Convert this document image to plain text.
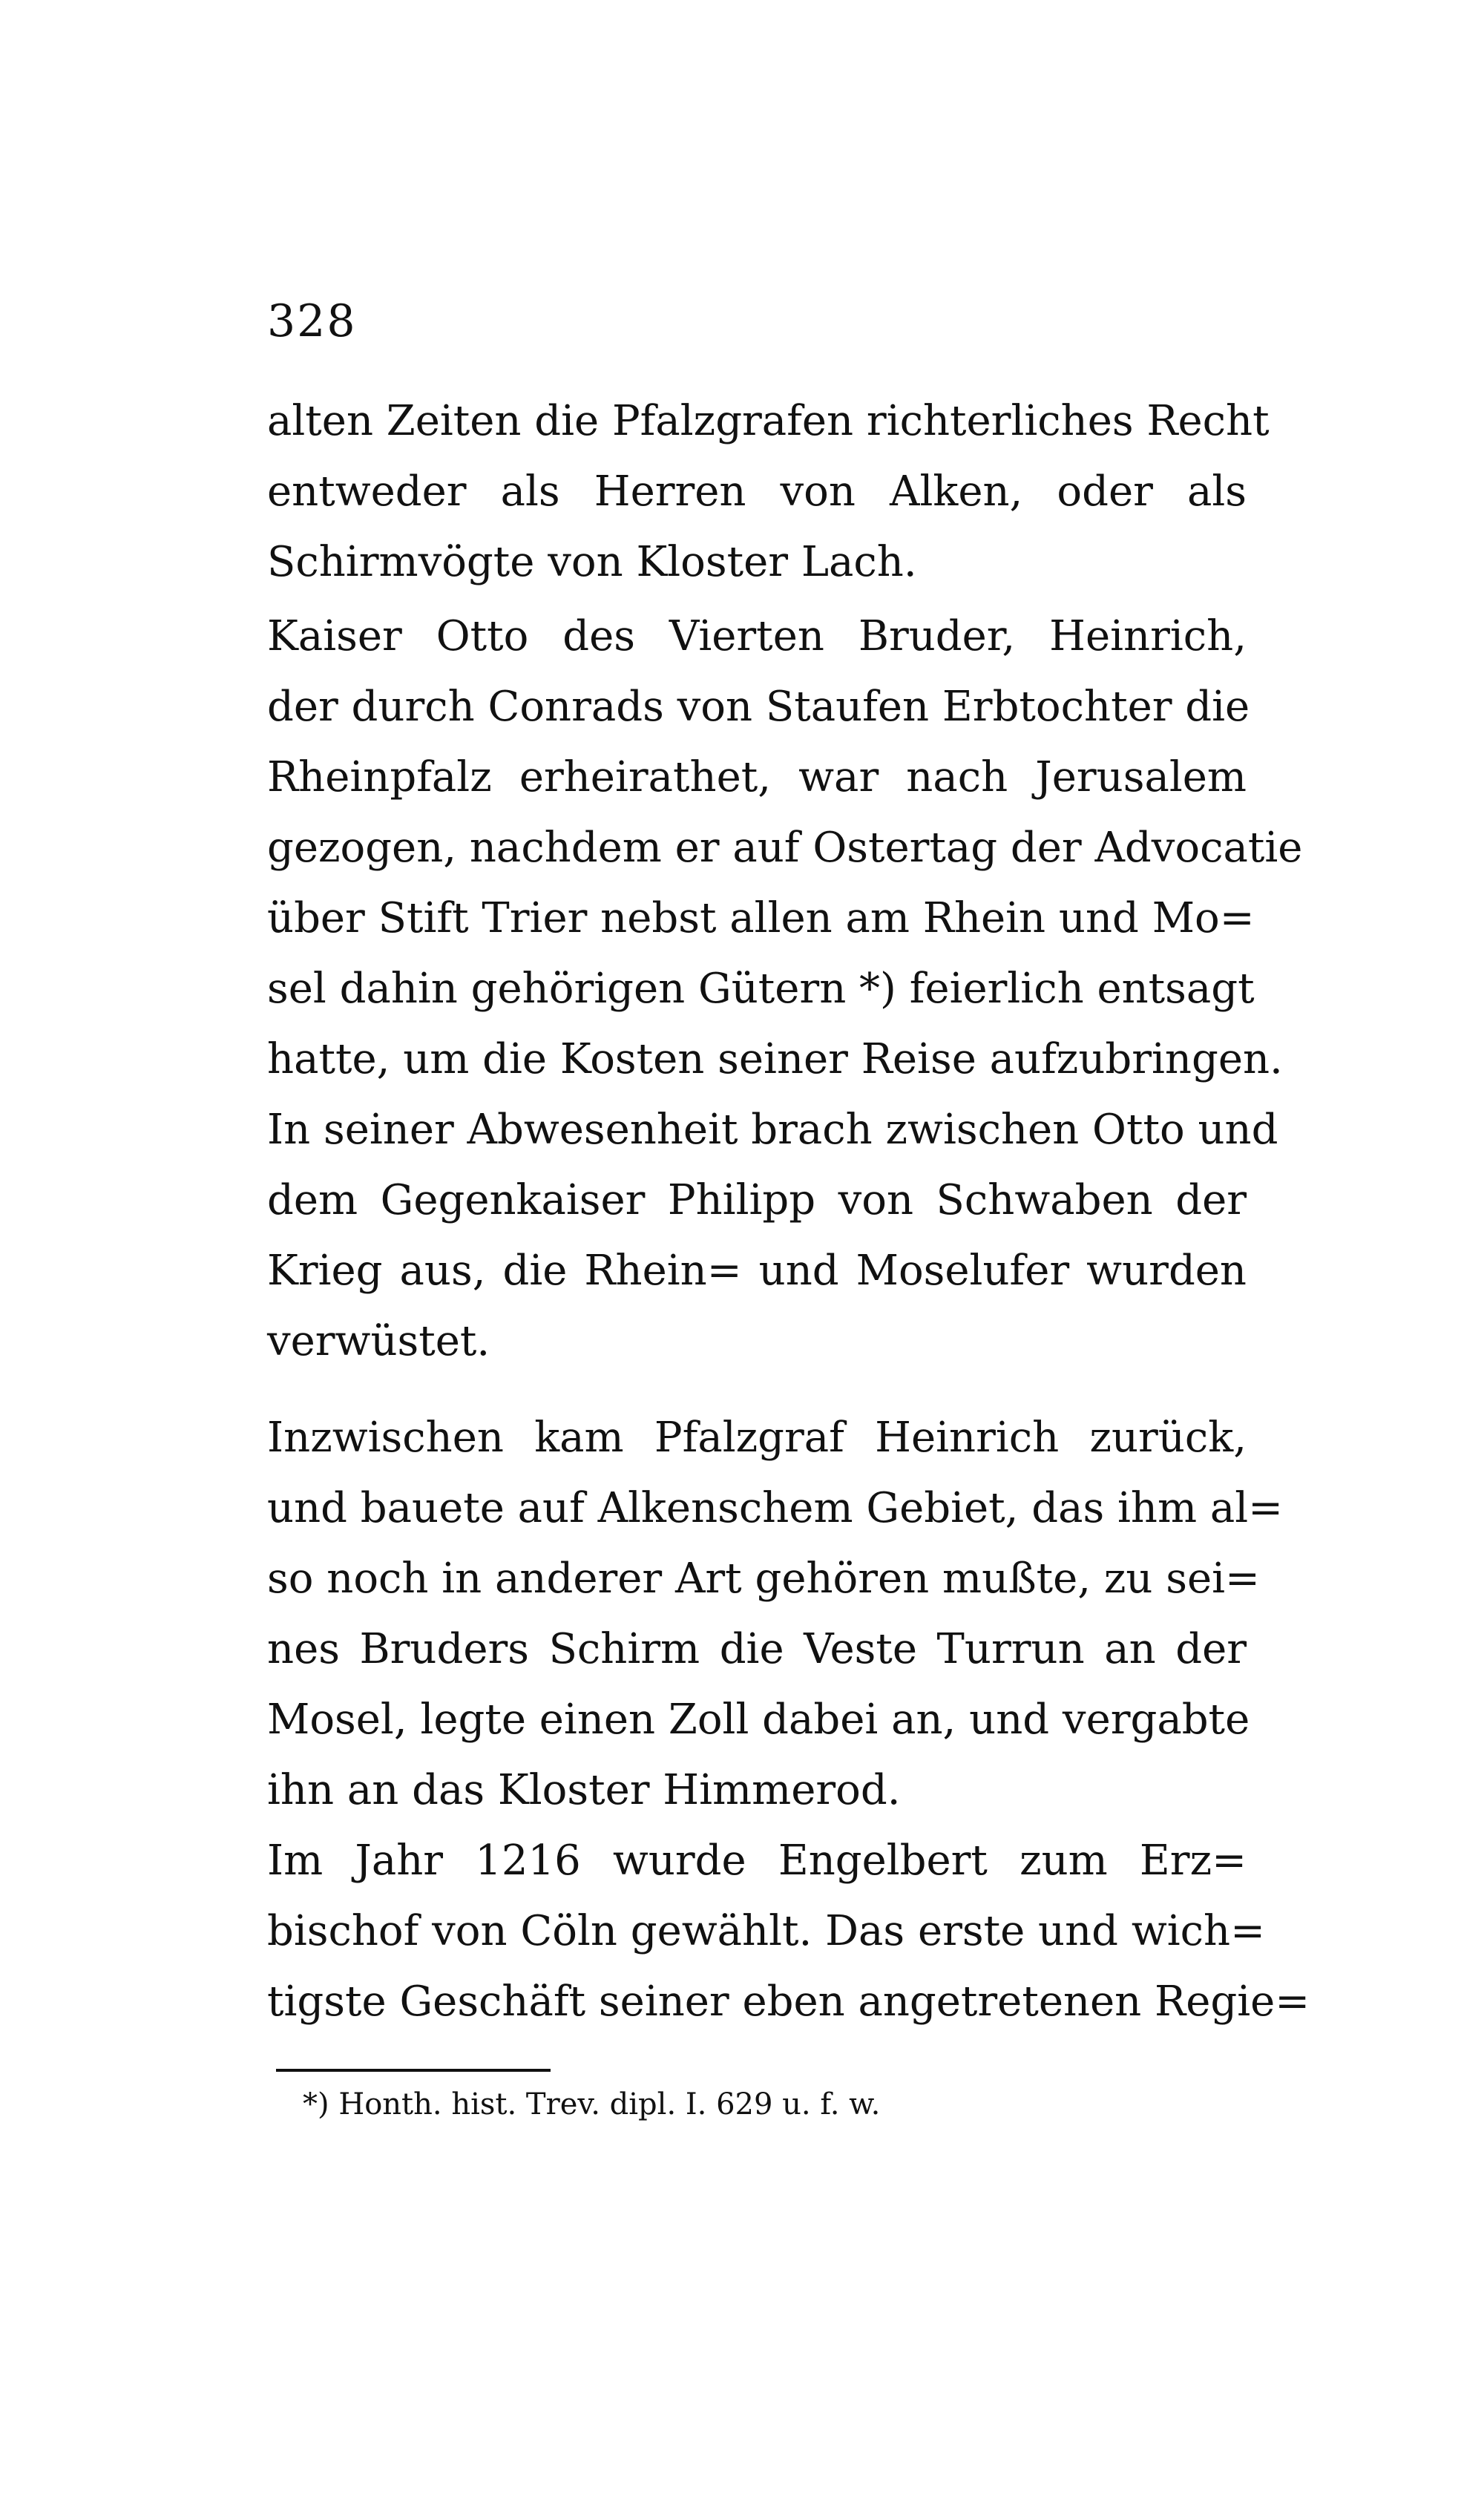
328
alten Zeiten die Pfalzgrafen richterliches Recht
entweder als Herren von Alken, oder als
Schirmvögte von Kloster Lach.
Kaiser Otto des Vierten Bruder, Heinrich,
der durch Conrads von Staufen Erbtochter die
Rheinpfalz erheirathet, war nach Jerusalem
gezogen, nachdem er auf Ostertag der Advocatie
über Stift Trier nebst allen am Rhein und Mo=
sel dahin gehörigen Gütern *) feierlich entsagt
hatte, um die Kosten seiner Reise aufzubringen.
In seiner Abwesenheit brach zwischen Otto und
dem Gegenkaiser Philipp von Schwaben der
Krieg aus, die Rhein= und Moselufer wurden
verwüstet.
Inzwischen kam Pfalzgraf Heinrich zurück,
und bauete auf Alkenschem Gebiet, das ihm al=
so noch in anderer Art gehören mußte, zu sei=
nes Bruders Schirm die Veste Turrun an der
Mosel, legte einen Zoll dabei an, und vergabte
ihn an das Kloster Himmerod.
Im Jahr 1216 wurde Engelbert zum Erz=
bischof von Cöln gewählt. Das erste und wich=
tigste Geschäft seiner eben angetretenen Regie=
*) Honth. hist. Trev. dipl. I. 629 u. f. w.
